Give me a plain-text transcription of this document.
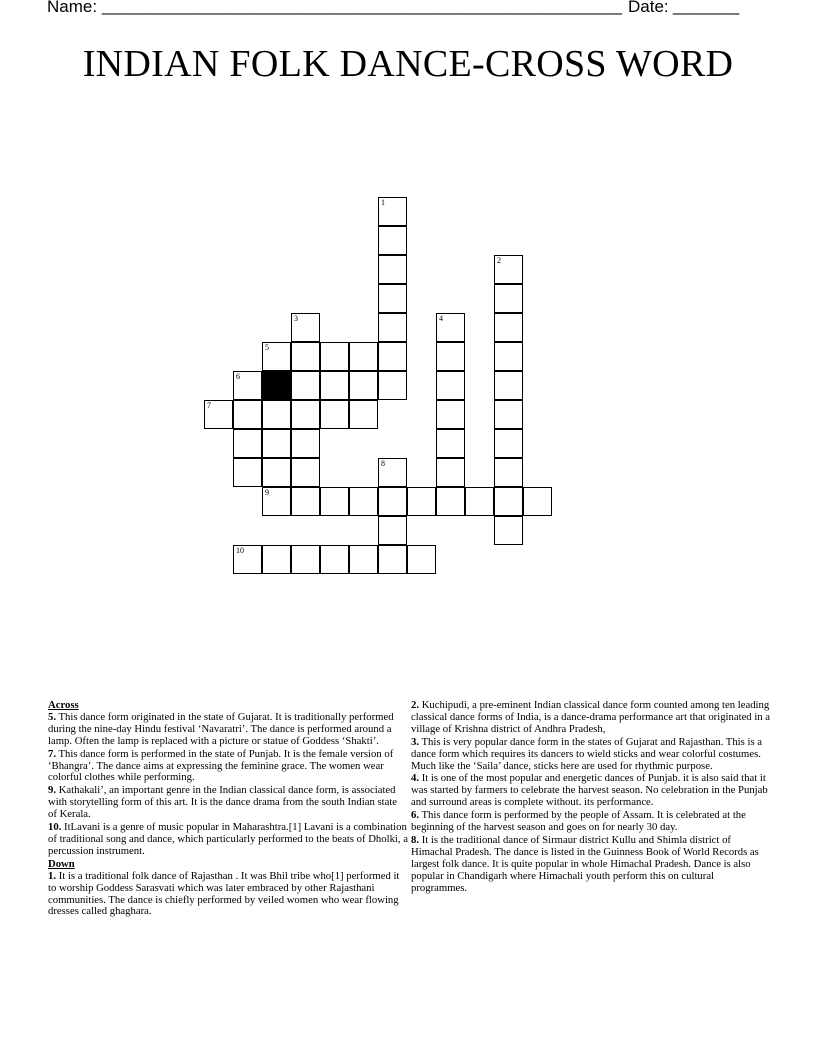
Name:

_______________________________________________________

Date:

_______

INDIAN FOLK DANCE-CROSS WORD
1
2
3	4
5
6
7
8
9
10
Across

5. This dance form originated in the state of Gujarat. It is traditionally performed during the nine-day Hindu festival ‘Navaratri’. The dance is performed around a lamp. Often the lamp is replaced with a picture or statue of Goddess ‘Shakti’.

7. This dance form is performed in the state of Punjab. It is the female version of ‘Bhangra’. The dance aims at expressing the feminine grace. The women wear colorful clothes while performing.

9. Kathakali’, an important genre in the Indian classical dance form, is associated with storytelling form of this art. It is the dance drama from the south Indian state of Kerala.

10. ItLavani is a genre of music popular in Maharashtra.[1] Lavani is a combination of traditional song and dance, which particularly performed to the beats of Dholki, a percussion instrument.

Down

1. It is a traditional folk dance of Rajasthan . It was Bhil tribe who[1] performed it to worship Goddess Sarasvati which was later embraced by other Rajasthani communities. The dance is chiefly performed by veiled women who wear flowing dresses called ghaghara.

2. Kuchipudi, a pre-eminent Indian classical dance form counted among ten leading classical dance forms of India, is a dance-drama performance art that originated in a village of Krishna district of Andhra Pradesh,

3. This is very popular dance form in the states of Gujarat and Rajasthan. This is a dance form which requires its dancers to wield sticks and wear colorful costumes. Much like the ‘Saila’ dance, sticks here are used for rhythmic purpose.

4. It is one of the most popular and energetic dances of Punjab. it is also said that it was started by farmers to celebrate the harvest season. No celebration in the Punjab and surround areas is complete without. its performance.

6. This dance form is performed by the people of Assam. It is celebrated at the beginning of the harvest season and goes on for nearly 30 day.

8. It is the traditional dance of Sirmaur district Kullu and Shimla district of Himachal Pradesh. The dance is listed in the Guinness Book of World Records as largest folk dance. It is quite popular in whole Himachal Pradesh. Dance is also popular in Chandigarh where Himachali youth perform this on cultural programmes.
